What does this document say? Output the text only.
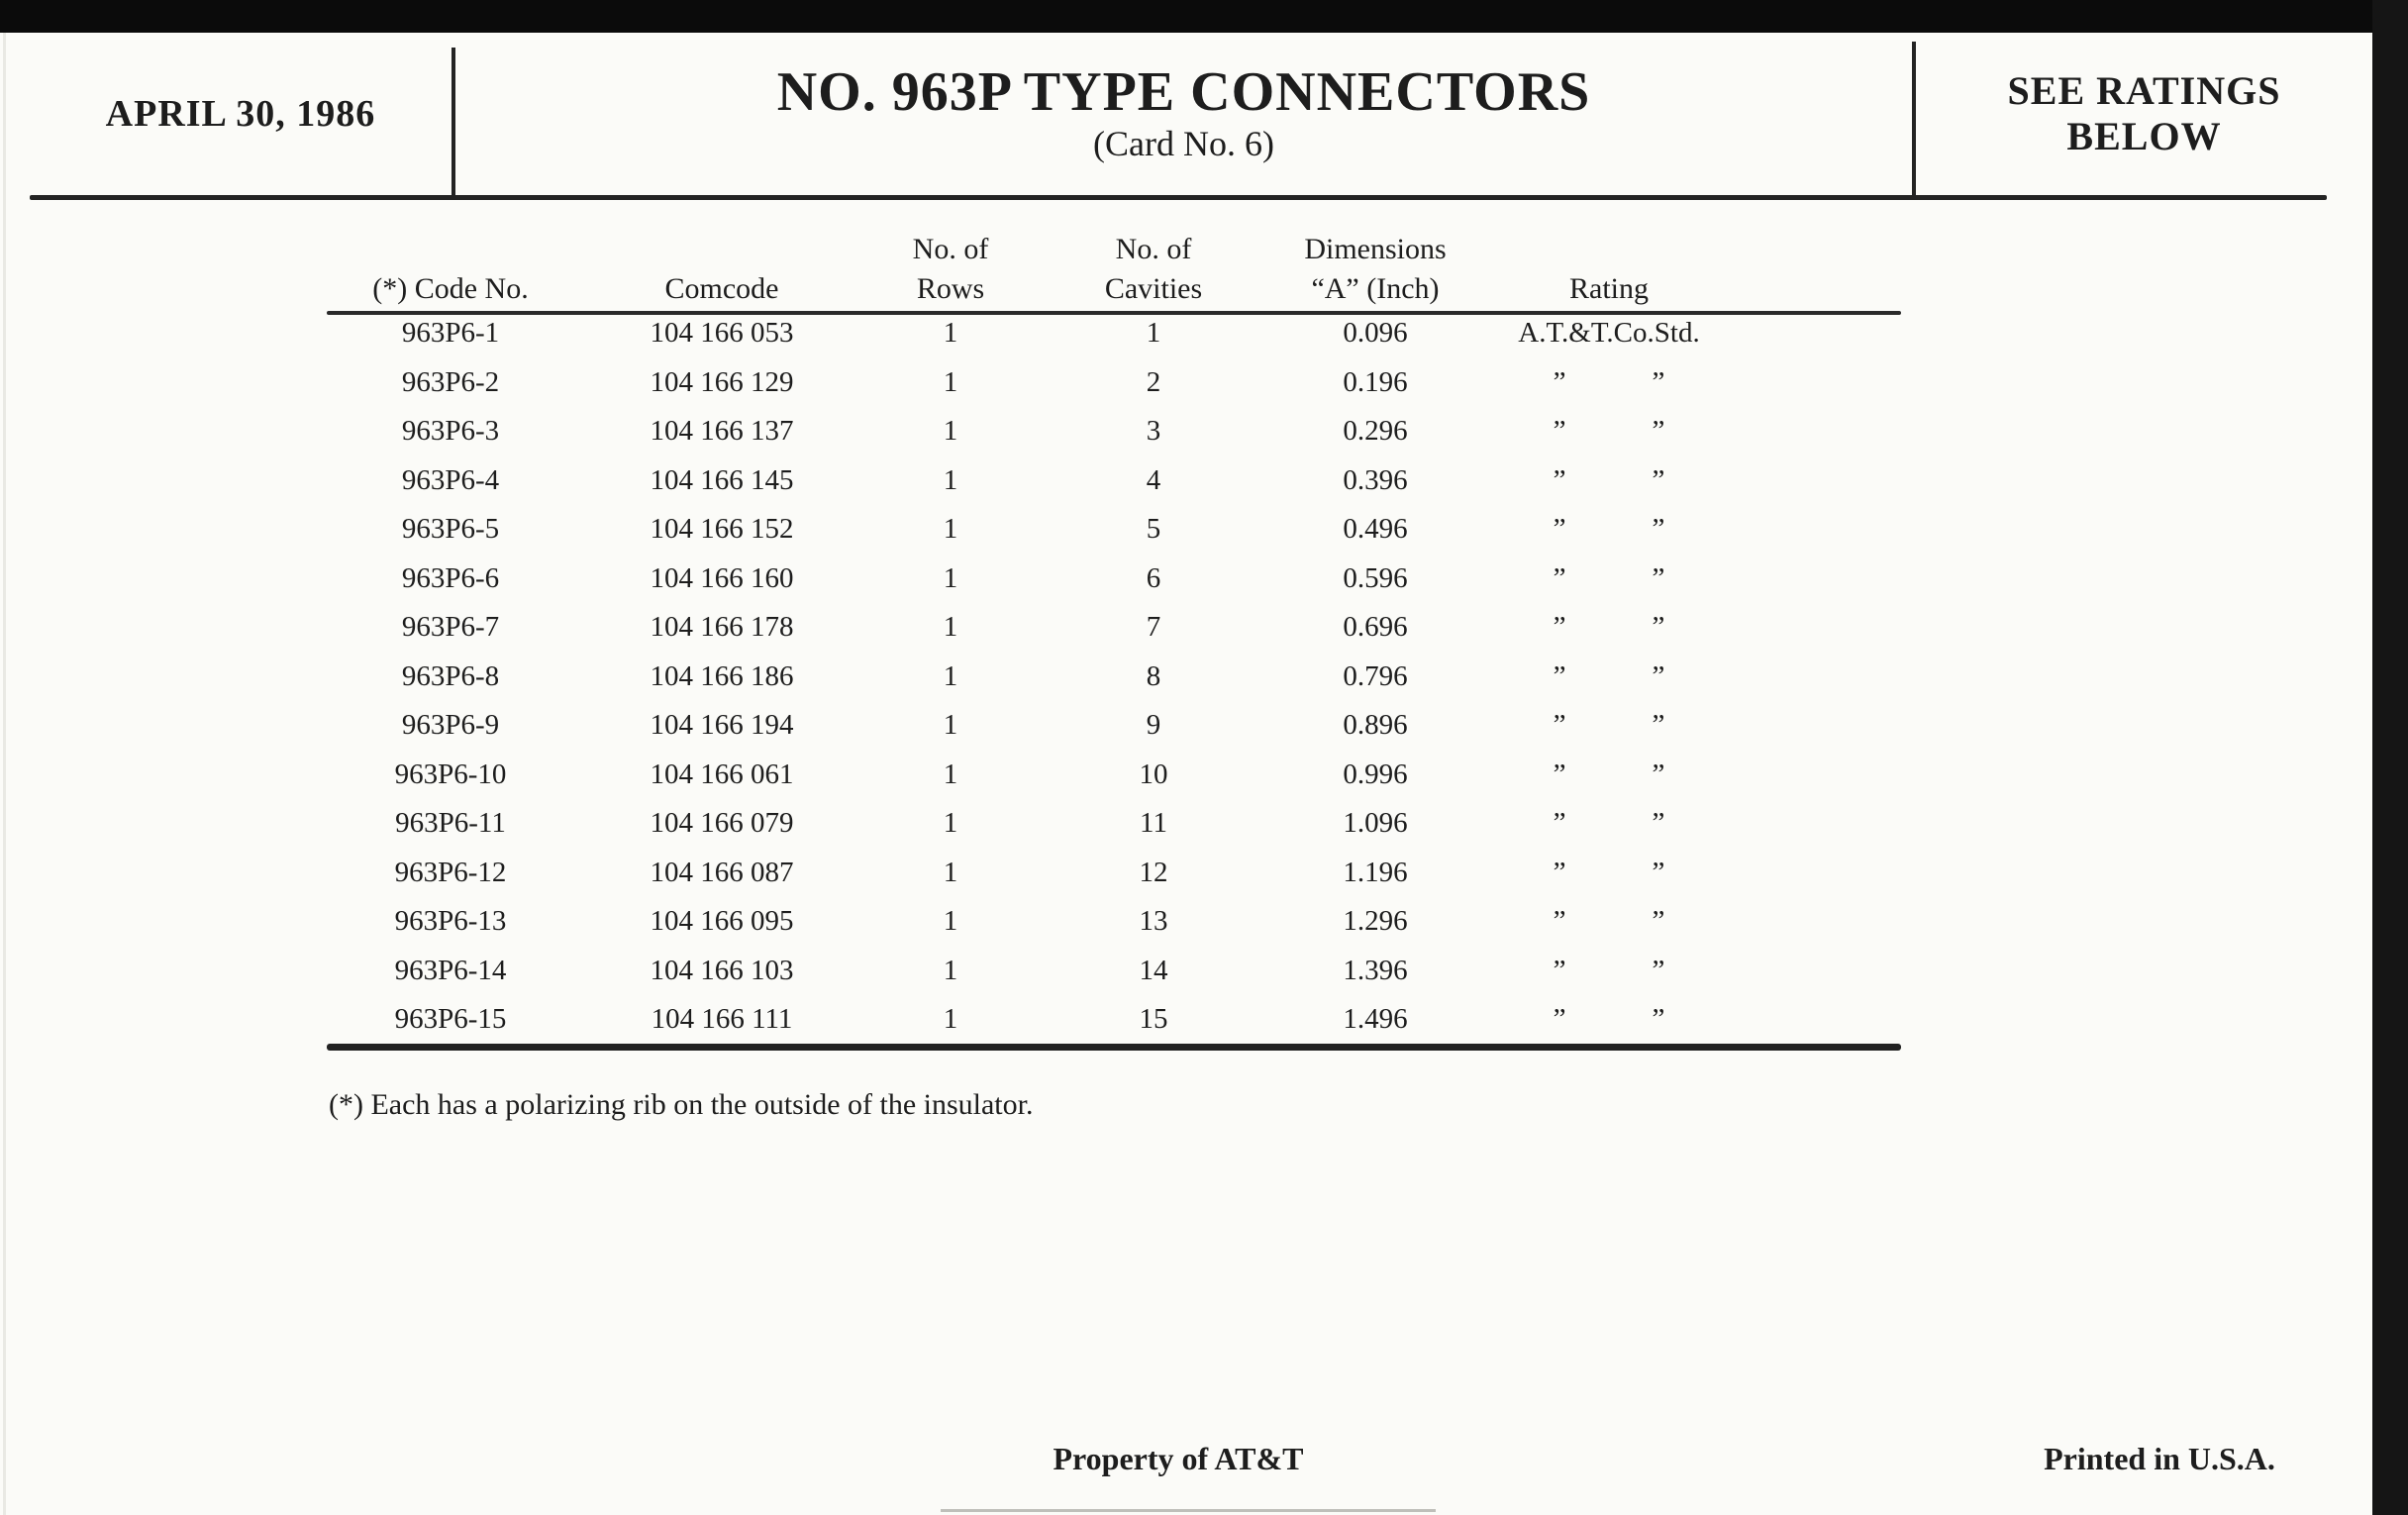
APRIL 30, 1986	NO. 963P TYPE CONNECTORS
(Card No. 6)
SEE RATINGS
BELOW
No. of	No. of	Dimensions
(*) Code No.	Comcode	Rows	Cavities	“A” (Inch)	Rating
963P6-1	104 166 053	1	1	0.096	A.T.&T.Co.Std.
963P6-2	104 166 129	1	2	0.196	”   ”
963P6-3	104 166 137	1	3	0.296	”   ”
963P6-4	104 166 145	1	4	0.396	”   ”
963P6-5	104 166 152	1	5	0.496	”   ”
963P6-6	104 166 160	1	6	0.596	”   ”
963P6-7	104 166 178	1	7	0.696	”   ”
963P6-8	104 166 186	1	8	0.796	”   ”
963P6-9	104 166 194	1	9	0.896	”   ”
963P6-10	104 166 061	1	10	0.996	”   ”
963P6-11	104 166 079	1	11	1.096	”   ”
963P6-12	104 166 087	1	12	1.196	”   ”
963P6-13	104 166 095	1	13	1.296	”   ”
963P6-14	104 166 103	1	14	1.396	”   ”
963P6-15	104 166 111	1	15	1.496	”   ”
(*) Each has a polarizing rib on the outside of the insulator.
Property of AT&T	Printed in U.S.A.
